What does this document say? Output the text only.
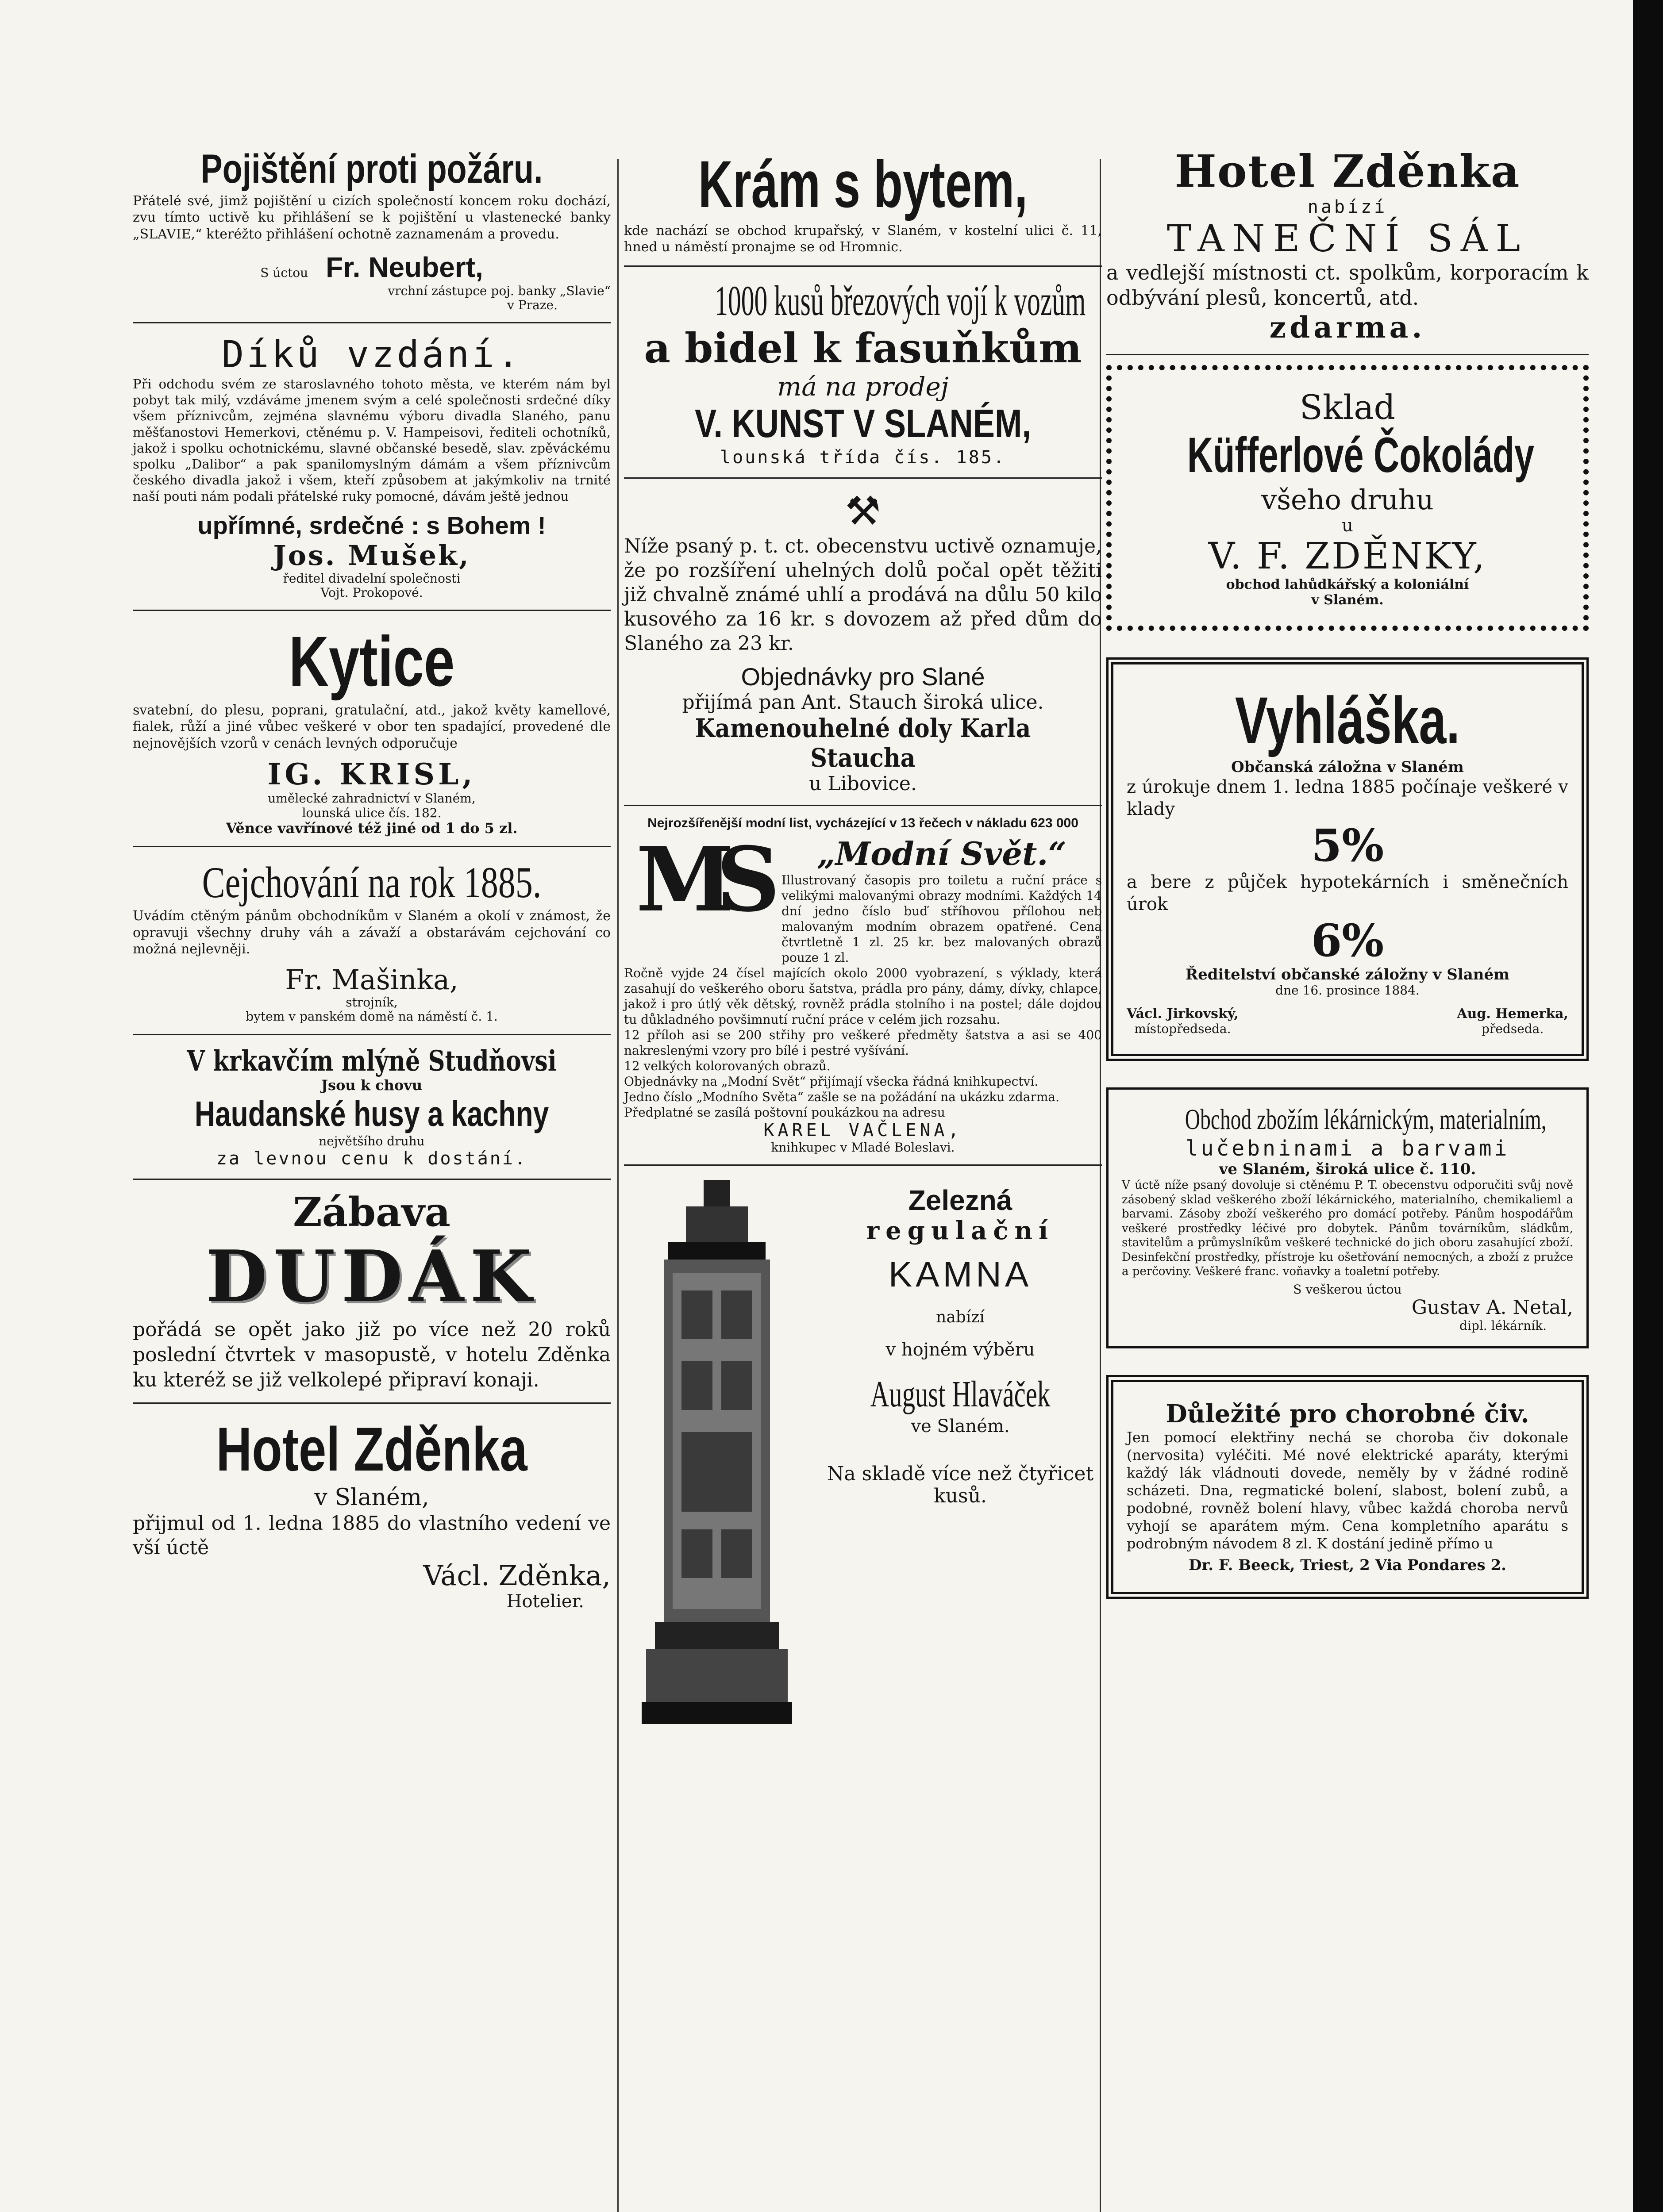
Pojištění proti požáru.
Přátelé své, jimž pojištění u cizích společností koncem roku dochází, zvu tímto uctivě ku přihlášení se k pojištění u vlastenecké banky „SLAVIE,“ kteréžto přihlášení ochotně zaznamenám a provedu.
S úctou Fr. Neubert,
vrchní zástupce poj. banky „Slavie“
v Praze.
Díků vzdání.
Při odchodu svém ze staroslavného tohoto města, ve kterém nám byl pobyt tak milý, vzdáváme jmenem svým a celé společnosti srdečné díky všem příznivcům, zejména slavnému výboru divadla Slaného, panu měšťanostovi Hemerkovi, ctěnému p. V. Hampeisovi, řediteli ochotníků, jakož i spolku ochotnickému, slavné občanské besedě, slav. zpěváckému spolku „Dalibor“ a pak spanilomyslným dámám a všem příznivcům českého divadla jakož i všem, kteří způsobem at jakýmkoliv na trnité naší pouti nám podali přátelské ruky pomocné, dávám ještě jednou
upřímné, srdečné : s Bohem !
Jos. Mušek,
ředitel divadelní společnosti
Vojt. Prokopové.
Kytice
svatební, do plesu, poprani, gratulační, atd., jakož květy kamellové, fialek, růží a jiné vůbec veškeré v obor ten spadající, provedené dle nejnovějších vzorů v cenách levných odporučuje
IG. KRISL,
umělecké zahradnictví v Slaném,
lounská ulice čís. 182.
Věnce vavřínové též jiné od 1 do 5 zl.
Cejchování na rok 1885.
Uvádím ctěným pánům obchodníkům v Slaném a okolí v známost, že opravuji všechny druhy váh a závaží a obstarávám cejchování co možná nejlevněji.
Fr. Mašinka,
strojník,
bytem v panském domě na náměstí č. 1.
V krkavčím mlýně Studňovsi
Jsou k chovu
Haudanské husy a kachny
největšího druhu
za levnou cenu k dostání.
Zábava
DUDÁK
pořádá se opět jako již po více než 20 roků poslední čtvrtek v masopustě, v hotelu Zděnka ku kteréž se již velkolepé připraví konaji.
Hotel Zděnka
v Slaném,
přijmul od 1. ledna 1885 do vlastního vedení ve vší úctě
Václ. Zděnka,
Hotelier.
Krám s bytem,
kde nachází se obchod krupařský, v Slaném, v kostelní ulici č. 11, hned u náměstí pronajme se od Hromnic.
1000 kusů březových vojí k vozům
a bidel k fasuňkům
má na prodej
V. KUNST V SLANÉM,
lounská třída čís. 185.
⚒
Níže psaný p. t. ct. obecenstvu uctivě oznamuje, že po rozšíření uhelných dolů počal opět těžiti již chvalně známé uhlí a prodává na důlu 50 kilo kusového za 16 kr. s dovozem až před dům do Slaného za 23 kr.
Objednávky pro Slané
přijímá pan Ant. Stauch široká ulice.
Kamenouhelné doly Karla Staucha
u Libovice.
Nejrozšířenější modní list, vycházející v 13 řečech v nákladu 623 000
MS	„Modní Svět.“
Illustrovaný časopis pro toiletu a ruční práce s velikými malovanými obrazy modními. Každých 14 dní jedno číslo buď stříhovou přílohou neb malovaným modním obrazem opatřené. Cena čtvrtletně 1 zl. 25 kr. bez malovaných obrazů pouze 1 zl.
Ročně vyjde 24 čísel majících okolo 2000 vyobrazení, s výklady, která zasahují do veškerého oboru šatstva, prádla pro pány, dámy, dívky, chlapce, jakož i pro útlý věk dětský, rovněž prádla stolního i na postel; dále dojdou tu důkladného povšimnutí ruční práce v celém jich rozsahu.
12 příloh asi se 200 střihy pro veškeré předměty šatstva a asi se 400 nakreslenými vzory pro bílé i pestré vyšívání.
12 velkých kolorovaných obrazů.
Objednávky na „Modní Svět“ přijímají všecka řádná knihkupectví.
Jedno číslo „Modního Světa“ zašle se na požádání na ukázku zdarma.
Předplatné se zasílá poštovní poukázkou na adresu
KAREL VAČLENA,
knihkupec v Mladé Boleslavi.
Zelezná
regulační
KAMNA
nabízí
v hojném výběru
August Hlaváček
ve Slaném.
Na skladě více než čtyřicet kusů.
Hotel Zděnka
nabízí
TANEČNÍ SÁL
a vedlejší místnosti ct. spolkům, korporacím k odbývání plesů, koncertů, atd.
zdarma.
Sklad
Küfferlové Čokolády
všeho druhu
u
V. F. ZDĚNKY,
obchod lahůdkářský a koloniální
v Slaném.
Vyhláška.
Občanská záložna v Slaném
z úrokuje dnem 1. ledna 1885 počínaje veškeré v klady
5%
a bere z půjček hypotekárních i směnečních úrok
6%
Ředitelství občanské záložny v Slaném
dne 16. prosince 1884.
Václ. Jirkovský,
místopředseda.
Aug. Hemerka,
předseda.
Obchod zbožím lékárnickým, materialním,
lučebninami a barvami
ve Slaném, široká ulice č. 110.
V úctě níže psaný dovoluje si ctěnému P. T. obecenstvu odporučiti svůj nově zásobený sklad veškerého zboží lékárnického, materialního, chemikalieml a barvami. Zásoby zboží veškerého pro domácí potřeby. Pánům hospodářům veškeré prostředky léčivé pro dobytek. Pánům továrníkům, sládkům, stavitelům a průmyslníkům veškeré technické do jich oboru zasahující zboží. Desinfekční prostředky, přístroje ku ošetřování nemocných, a zboží z pružce a perčoviny. Veškeré franc. voňavky a toaletní potřeby.
S veškerou úctou
Gustav A. Netal,
dipl. lékárník.
Důležité pro chorobné čiv.
Jen pomocí elektřiny nechá se choroba čiv dokonale (nervosita) vyléčiti. Mé nové elektrické aparáty, kterými každý lák vládnouti dovede, neměly by v žádné rodině scházeti. Dna, regmatické bolení, slabost, bolení zubů, a podobné, rovněž bolení hlavy, vůbec každá choroba nervů vyhojí se aparátem mým. Cena kompletního aparátu s podrobným návodem 8 zl. K dostání jedině přímo u
Dr. F. Beeck, Triest, 2 Via Pondares 2.
